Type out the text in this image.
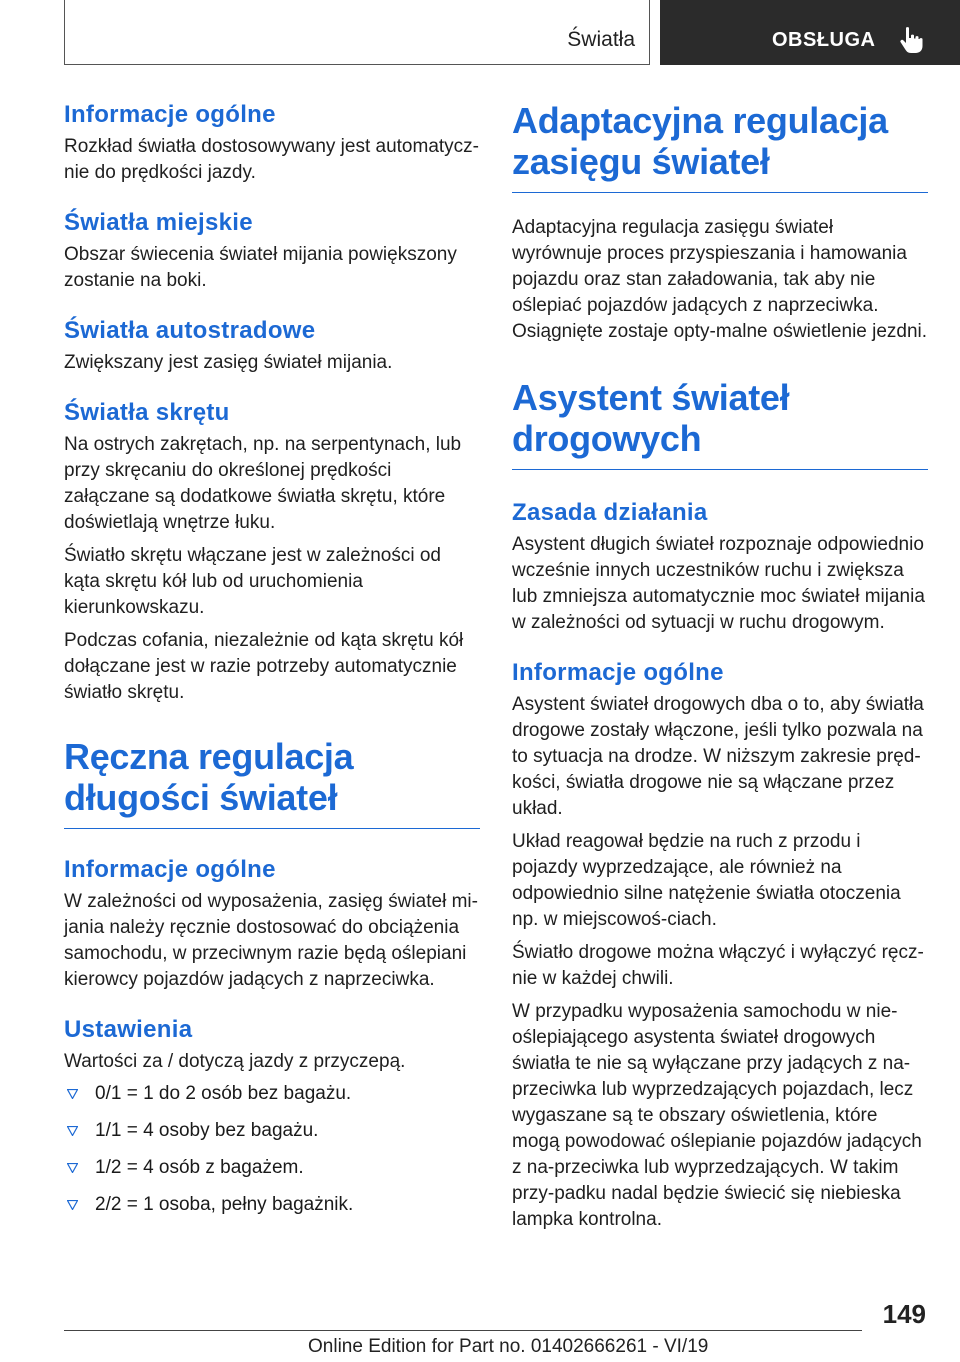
Światła	OBSŁUGA
Informacje ogólne

Rozkład światła dostosowywany jest automatycz‐nie do prędkości jazdy.

Światła miejskie

Obszar świecenia świateł mijania powiększony zostanie na boki.

Światła autostradowe

Zwiększany jest zasięg świateł mijania.

Światła skrętu

Na ostrych zakrętach, np. na serpentynach, lub przy skręcaniu do określonej prędkości załączane są dodatkowe światła skrętu, które doświetlają wnętrze łuku.

Światło skrętu włączane jest w zależności od kąta skrętu kół lub od uruchomienia kierunkowskazu.

Podczas cofania, niezależnie od kąta skrętu kół dołączane jest w razie potrzeby automatycznie światło skrętu.

Ręczna regulacja długości świateł
Informacje ogólne

W zależności od wyposażenia, zasięg świateł mi‐jania należy ręcznie dostosować do obciążenia samochodu, w przeciwnym razie będą oślepiani kierowcy pojazdów jadących z naprzeciwka.

Ustawienia

Wartości za / dotyczą jazdy z przyczepą.

0/1 = 1 do 2 osób bez bagażu.
1/1 = 4 osoby bez bagażu.
1/2 = 4 osób z bagażem.
2/2 = 1 osoba, pełny bagażnik.
Adaptacyjna regulacja zasięgu świateł

Adaptacyjna regulacja zasięgu świateł wyrównuje proces przyspieszania i hamowania pojazdu oraz stan załadowania, tak aby nie oślepiać pojazdów jadących z naprzeciwka. Osiągnięte zostaje opty‐malne oświetlenie jezdni.

Asystent świateł drogowych
Zasada działania

Asystent długich świateł rozpoznaje odpowiednio wcześnie innych uczestników ruchu i zwiększa lub zmniejsza automatycznie moc świateł mijania w zależności od sytuacji w ruchu drogowym.

Informacje ogólne

Asystent świateł drogowych dba o to, aby światła drogowe zostały włączone, jeśli tylko pozwala na to sytuacja na drodze. W niższym zakresie pręd‐kości, światła drogowe nie są włączane przez układ.

Układ reagował będzie na ruch z przodu i pojazdy wyprzedzające, ale również na odpowiednio silne natężenie światła otoczenia np. w miejscowoś‐ciach.

Światło drogowe można włączyć i wyłączyć ręcz‐nie w każdej chwili.

W przypadku wyposażenia samochodu w nie‐oślepiającego asystenta świateł drogowych światła te nie są wyłączane przy jadących z na‐przeciwka lub wyprzedzających pojazdach, lecz wygaszane są te obszary oświetlenia, które mogą powodować oślepianie pojazdów jadących z na‐przeciwka lub wyprzedzających. W takim przy‐padku nadal będzie świecić się niebieska lampka kontrolna.

149
Online Edition for Part no. 01402666261 - VI/19
